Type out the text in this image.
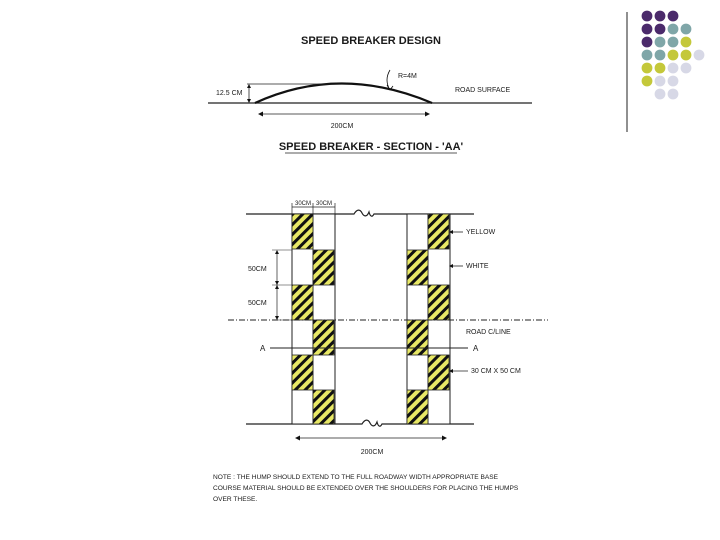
SPEED BREAKER DESIGN
12.5 CM
R=4M
ROAD SURFACE
200CM
SPEED BREAKER - SECTION - 'AA'
30CM 30CM
50CM
50CM
ROAD C/LINE
A	A
YELLOW
WHITE
30 CM X 50 CM
200CM
NOTE : THE HUMP SHOULD EXTEND TO THE FULL ROADWAY WIDTH APPROPRIATE BASE
COURSE MATERIAL SHOULD BE EXTENDED OVER THE SHOULDERS FOR PLACING THE HUMPS
OVER THESE.
